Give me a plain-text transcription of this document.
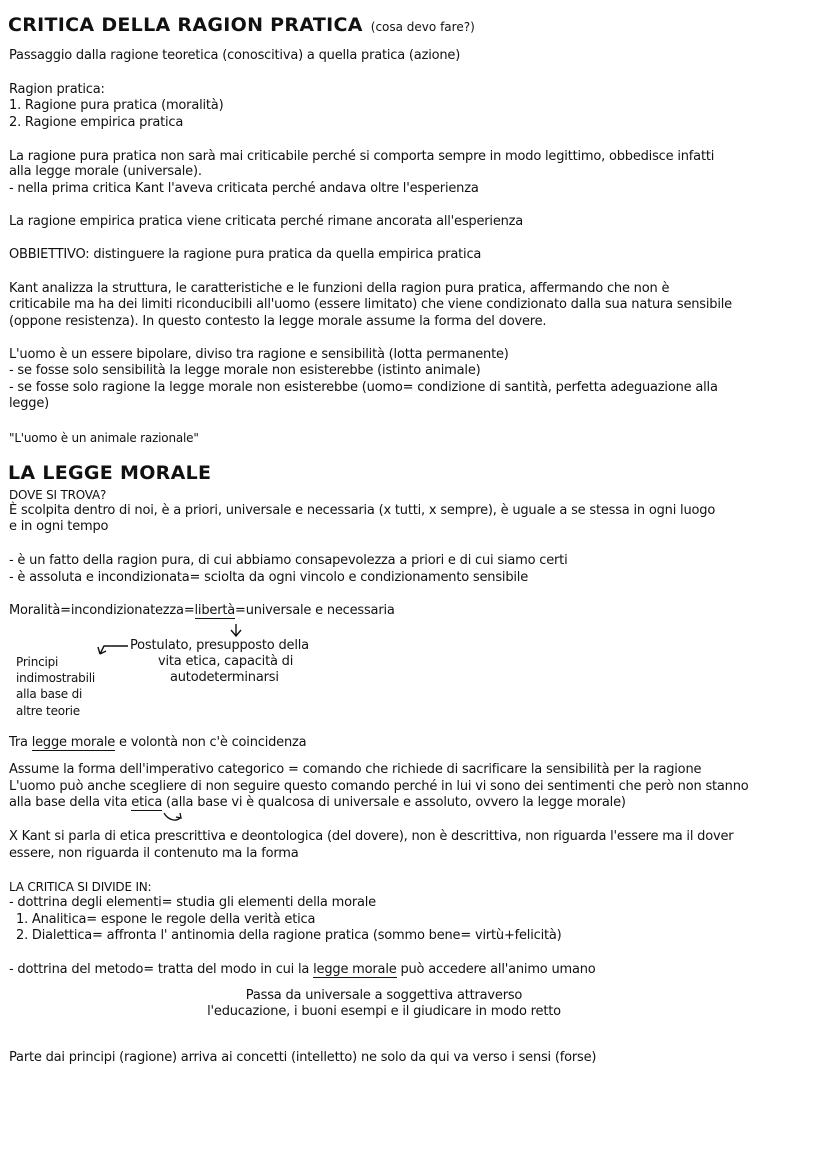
CRITICA DELLA RAGION PRATICA (cosa devo fare?)
Passaggio dalla ragione teoretica (conoscitiva) a quella pratica (azione)
Ragion pratica:
1. Ragione pura pratica (moralità)
2. Ragione empirica pratica
La ragione pura pratica non sarà mai criticabile perché si comporta sempre in modo legittimo, obbedisce infatti
alla legge morale (universale).
- nella prima critica Kant l'aveva criticata perché andava oltre l'esperienza
La ragione empirica pratica viene criticata perché rimane ancorata all'esperienza
OBBIETTIVO: distinguere la ragione pura pratica da quella empirica pratica
Kant analizza la struttura, le caratteristiche e le funzioni della ragion pura pratica, affermando che non è
criticabile ma ha dei limiti riconducibili all'uomo (essere limitato) che viene condizionato dalla sua natura sensibile
(oppone resistenza). In questo contesto la legge morale assume la forma del dovere.
L'uomo è un essere bipolare, diviso tra ragione e sensibilità (lotta permanente)
- se fosse solo sensibilità la legge morale non esisterebbe (istinto animale)
- se fosse solo ragione la legge morale non esisterebbe (uomo= condizione di santità, perfetta adeguazione alla
legge)
"L'uomo è un animale razionale"
LA LEGGE MORALE
DOVE SI TROVA?
È scolpita dentro di noi, è a priori, universale e necessaria (x tutti, x sempre), è uguale a se stessa in ogni luogo
e in ogni tempo
- è un fatto della ragion pura, di cui abbiamo consapevolezza a priori e di cui siamo certi
- è assoluta e incondizionata= sciolta da ogni vincolo e condizionamento sensibile
Moralità=incondizionatezza=libertà=universale e necessaria
Postulato, presupposto della
vita etica, capacità di
autodeterminarsi
Principi
indimostrabili
alla base di
altre teorie
Tra legge morale e volontà non c'è coincidenza
Assume la forma dell'imperativo categorico = comando che richiede di sacrificare la sensibilità per la ragione
L'uomo può anche scegliere di non seguire questo comando perché in lui vi sono dei sentimenti che però non stanno
alla base della vita etica (alla base vi è qualcosa di universale e assoluto, ovvero la legge morale)
X Kant si parla di etica prescrittiva e deontologica (del dovere), non è descrittiva, non riguarda l'essere ma il dover
essere, non riguarda il contenuto ma la forma
LA CRITICA SI DIVIDE IN:
- dottrina degli elementi= studia gli elementi della morale
1. Analitica= espone le regole della verità etica
2. Dialettica= affronta l' antinomia della ragione pratica (sommo bene= virtù+felicità)
- dottrina del metodo= tratta del modo in cui la legge morale può accedere all'animo umano
Passa da universale a soggettiva attraverso
l'educazione, i buoni esempi e il giudicare in modo retto
Parte dai principi (ragione) arriva ai concetti (intelletto) ne solo da qui va verso i sensi (forse)
